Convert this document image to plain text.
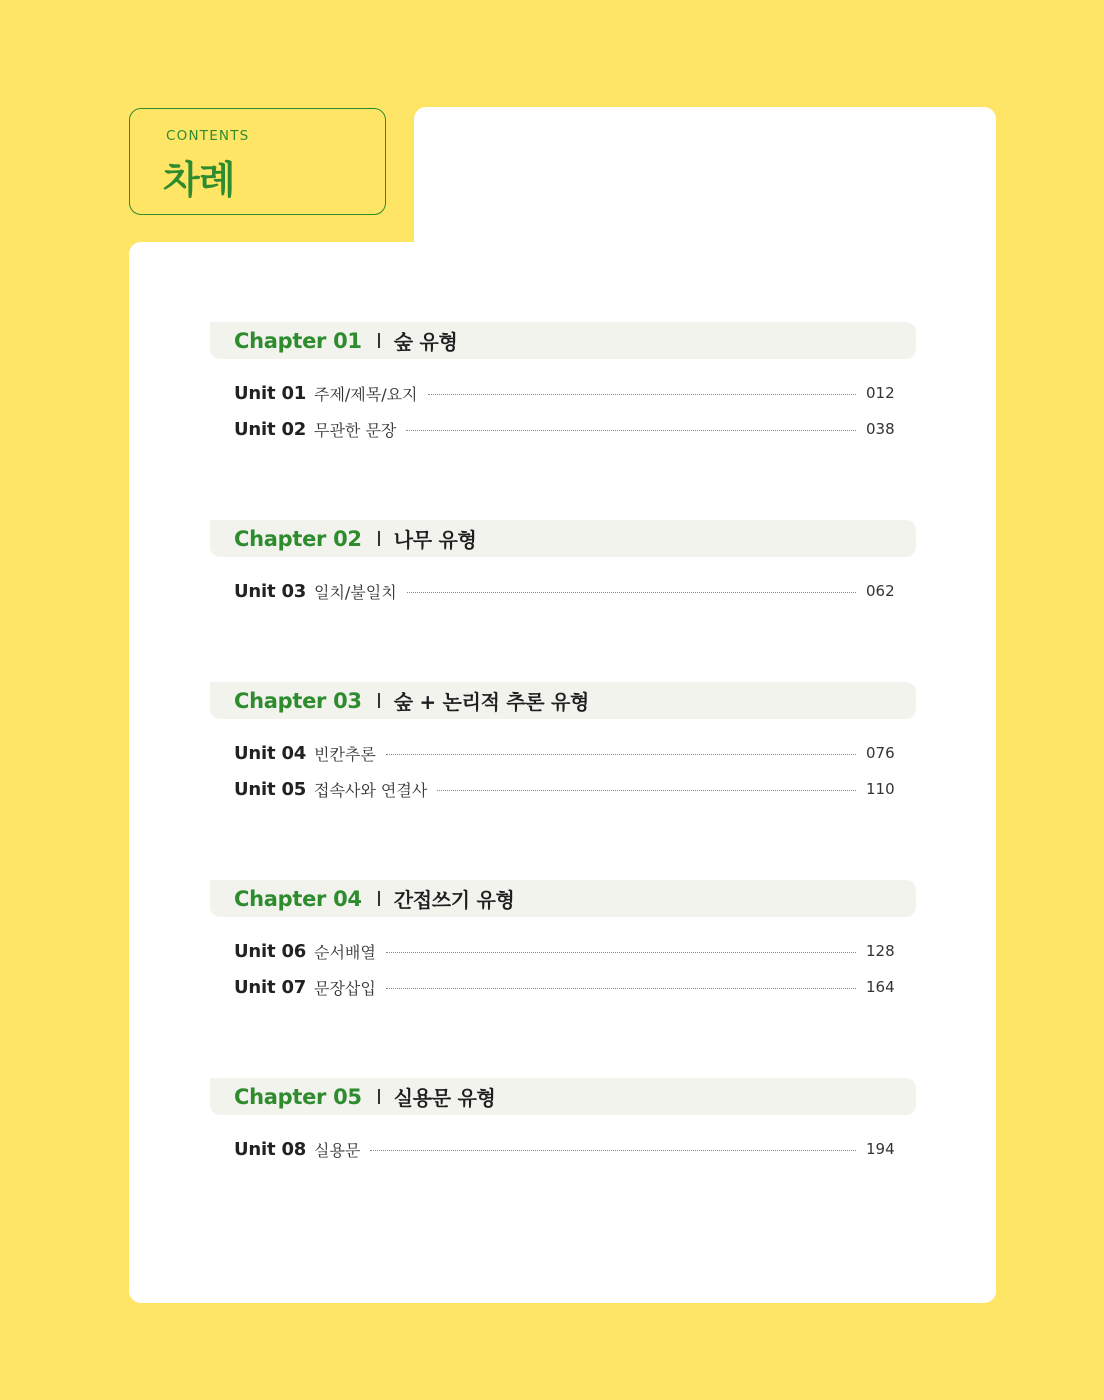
CONTENTS
차례
Chapter 01 숲 유형
Unit 01 주제/제목/요지	012
Unit 02 무관한 문장	038
Chapter 02 나무 유형
Unit 03 일치/불일치	062
Chapter 03 숲 + 논리적 추론 유형
Unit 04 빈칸추론	076
Unit 05 접속사와 연결사	110
Chapter 04 간접쓰기 유형
Unit 06 순서배열	128
Unit 07 문장삽입	164
Chapter 05 실용문 유형
Unit 08 실용문	194
